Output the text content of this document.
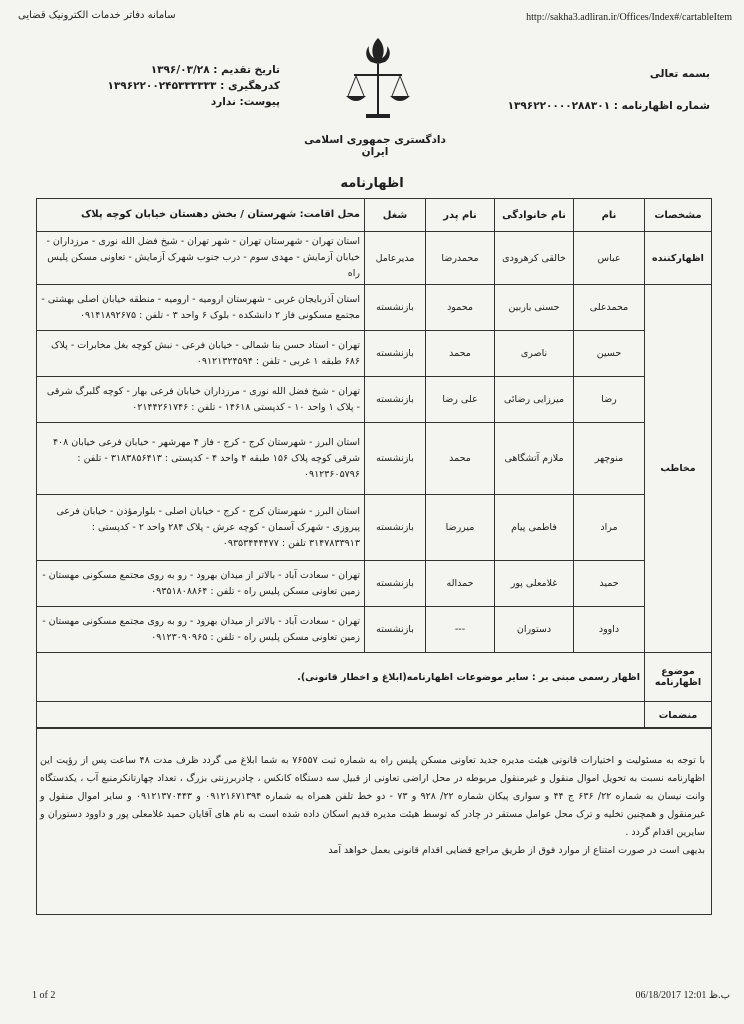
سامانه دفاتر خدمات الکترونیک قضایی	http://sakha3.adliran.ir/Offices/Index#/cartableItem
بسمه تعالی
شماره اظهارنامه : ۱۳۹۶۲۲۰۰۰۰۲۸۸۳۰۱
تاریخ تقدیم : ۱۳۹۶/۰۳/۲۸
کدرهگیری : ۱۳۹۶۲۲۰۰۲۴۵۳۳۳۳۳۳
پیوست: ندارد
دادگستری جمهوری اسلامی ایران
اظهارنامه
مشخصات	نام	نام خانوادگی	نام پدر	شغل	محل اقامت: شهرستان / بخش دهستان خیابان کوچه پلاک
اظهارکننده	عباس	خالقی کرهرودی	محمدرضا	مدیرعامل	استان تهران - شهرستان تهران - شهر تهران - شیخ فضل الله نوری - مرزداران - خیابان آزمایش - مهدی سوم - درب جنوب شهرک آزمایش - تعاونی مسکن پلیس راه
مخاطب	محمدعلی	حسنی باربین	محمود	بازنشسته	استان آذربایجان غربی - شهرستان ارومیه - ارومیه - منطقه خیابان اصلی بهشتی - مجتمع مسکونی فاز ۲ دانشکده - بلوک ۶ واحد ۳ - تلفن : ۰۹۱۴۱۸۹۲۶۷۵
	حسین	ناصری	محمد	بازنشسته	تهران - استاد حسن بنا شمالی - خیابان فرعی - نبش کوچه بغل مخابرات - پلاک ۶۸۶ طبقه ۱ غربی - تلفن : ۰۹۱۲۱۳۲۴۵۹۴
	رضا	میرزایی رضائی	علی رضا	بازنشسته	تهران - شیخ فضل الله نوری - مرزداران خیابان فرعی بهار - کوچه گلبرگ شرقی - پلاک ۱ واحد ۱۰ - کدپستی ۱۴۶۱۸ - تلفن : ۰۲۱۴۴۲۶۱۷۴۶
	منوچهر	ملازم آتشگاهی	محمد	بازنشسته	استان البرز - شهرستان کرج - کرج - فاز ۴ مهرشهر - خیابان فرعی خیابان ۴۰۸ شرقی کوچه پلاک ۱۵۶ طبقه ۴ واحد ۴ - کدپستی : ۳۱۸۳۸۵۶۴۱۳ - تلفن : ۰۹۱۲۳۶۰۵۷۹۶
	مراد	فاطمی پیام	میررضا	بازنشسته	استان البرز - شهرستان کرج - کرج - خیابان اصلی - بلوارمؤذن - خیابان فرعی پیروزی - شهرک آسمان - کوچه عرش - پلاک ۲۸۴ واحد ۲ - کدپستی : ۳۱۴۷۸۳۳۹۱۳ تلفن : ۰۹۳۵۳۴۴۴۴۷۷
	حمید	غلامعلی پور	حمداله	بازنشسته	تهران - سعادت آباد - بالاتر از میدان بهرود - رو به روی مجتمع مسکونی مهستان - زمین تعاونی مسکن پلیس راه - تلفن : ۰۹۳۵۱۸۰۸۸۶۴
	داوود	دستوران	---	بازنشسته	تهران - سعادت آباد - بالاتر از میدان بهرود - رو به روی مجتمع مسکونی مهستان - زمین تعاونی مسکن پلیس راه - تلفن : ۰۹۱۲۳۰۹۰۹۶۵
موضوع اظهارنامه	اظهار رسمی مبنی بر : سایر موضوعات اظهارنامه(ابلاغ و اخطار قانونی).				
منضمات					
با توجه به مسئولیت و اختیارات قانونی هیئت مدیره جدید تعاونی مسکن پلیس راه به شماره ثبت ۷۶۵۵۷ به شما ابلاغ می گردد ظرف مدت ۴۸ ساعت پس از رؤیت این اظهارنامه نسبت به تحویل اموال منقول و غیرمنقول مربوطه در محل اراضی تعاونی از قبیل سه دستگاه کانکس ، چادربرزنتی بزرگ ، تعداد چهارتانکرمنبع آب ، یکدستگاه وانت نیسان به شماره ۲۲/ ۶۳۶ ج ۴۴ و سواری پیکان شماره ۲۲/ ۹۲۸ و ۷۳ - دو خط تلفن همراه به شماره ۰۹۱۲۱۶۷۱۳۹۴ و ۰۹۱۲۱۳۷۰۴۴۳ و سایر اموال منقول و غیرمنقول و همچنین تخلیه و ترک محل عوامل مستقر در چادر که توسط هیئت مدیره قدیم اسکان داده شده است به نام های آقایان حمید غلامعلی پور و داوود دستوران و سایرین اقدام گردد .
بدیهی است در صورت امتناع از موارد فوق از طریق مراجع قضایی اقدام قانونی بعمل خواهد آمد
1 of 2	06/18/2017 12:01 ب.ظ
